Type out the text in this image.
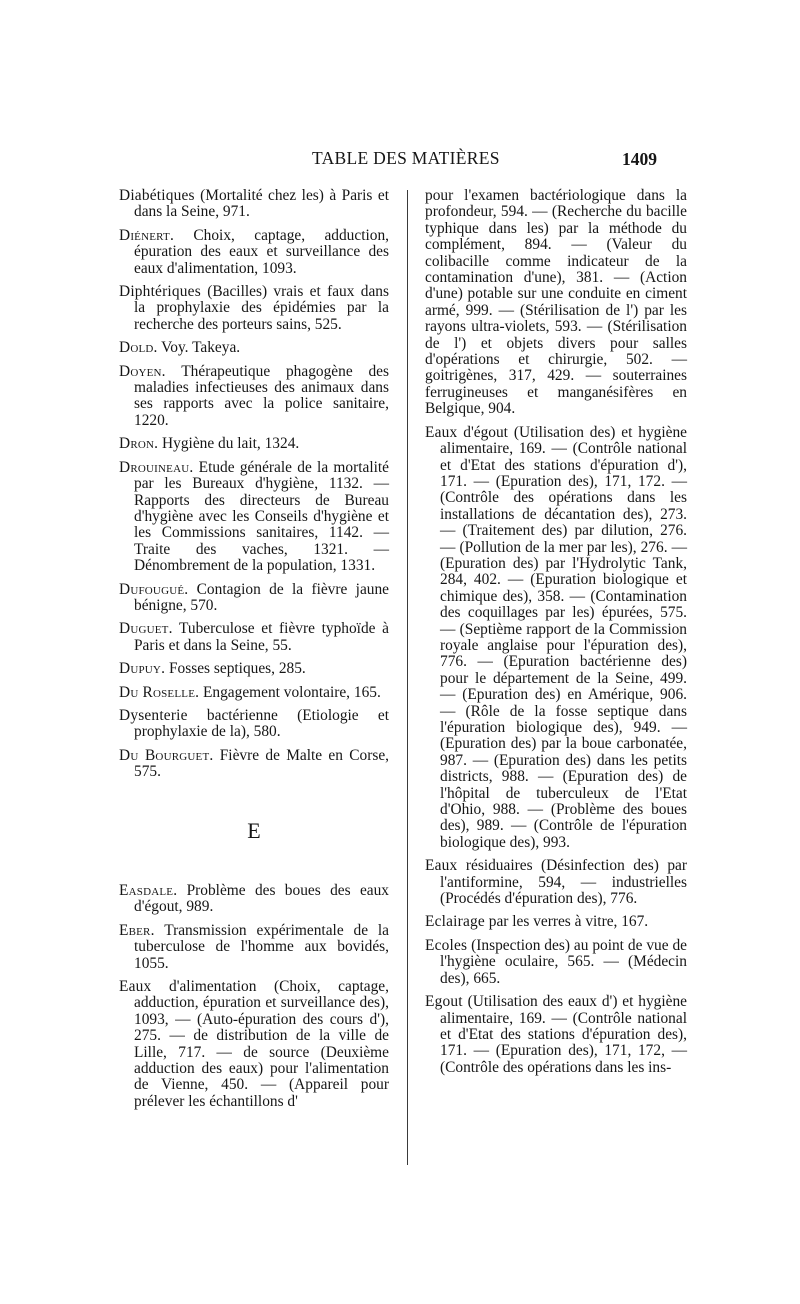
TABLE DES MATIÈRES	1409

Diabétiques (Mortalité chez les) à Paris et dans la Seine, 971.

Diénert. Choix, captage, adduction, épuration des eaux et surveillance des eaux d'alimentation, 1093.

Diphtériques (Bacilles) vrais et faux dans la prophylaxie des épidémies par la recherche des porteurs sains, 525.

Dold. Voy. Takeya.

Doyen. Thérapeutique phagogène des maladies infectieuses des animaux dans ses rapports avec la police sanitaire, 1220.

Dron. Hygiène du lait, 1324.

Drouineau. Etude générale de la mortalité par les Bureaux d'hygiène, 1132. — Rapports des directeurs de Bureau d'hygiène avec les Conseils d'hygiène et les Commissions sanitaires, 1142. — Traite des vaches, 1321. — Dénombrement de la population, 1331.

Dufougué. Contagion de la fièvre jaune bénigne, 570.

Duguet. Tuberculose et fièvre typhoïde à Paris et dans la Seine, 55.

Dupuy. Fosses septiques, 285.

Du Roselle. Engagement volontaire, 165.

Dysenterie bactérienne (Etiologie et prophylaxie de la), 580.

Du Bourguet. Fièvre de Malte en Corse, 575.

E

Easdale. Problème des boues des eaux d'égout, 989.

Eber. Transmission expérimentale de la tuberculose de l'homme aux bovidés, 1055.

Eaux d'alimentation (Choix, captage, adduction, épuration et surveillance des), 1093, — (Auto-épuration des cours d'), 275. — de distribution de la ville de Lille, 717. — de source (Deuxième adduction des eaux) pour l'alimentation de Vienne, 450. — (Appareil pour prélever les échantillons d'

pour l'examen bactériologique dans la profondeur, 594. — (Recherche du bacille typhique dans les) par la méthode du complément, 894. — (Valeur du colibacille comme indicateur de la contamination d'une), 381. — (Action d'une) potable sur une conduite en ciment armé, 999. — (Stérilisation de l') par les rayons ultra-violets, 593. — (Stérilisation de l') et objets divers pour salles d'opérations et chirurgie, 502. — goitrigènes, 317, 429. — souterraines ferrugineuses et manganésifères en Belgique, 904.

Eaux d'égout (Utilisation des) et hygiène alimentaire, 169. — (Contrôle national et d'Etat des stations d'épuration d'), 171. — (Epuration des), 171, 172. — (Contrôle des opérations dans les installations de décantation des), 273. — (Traitement des) par dilution, 276. — (Pollution de la mer par les), 276. — (Epuration des) par l'Hydrolytic Tank, 284, 402. — (Epuration biologique et chimique des), 358. — (Contamination des coquillages par les) épurées, 575. — (Septième rapport de la Commission royale anglaise pour l'épuration des), 776. — (Epuration bactérienne des) pour le département de la Seine, 499. — (Epuration des) en Amérique, 906. — (Rôle de la fosse septique dans l'épuration biologique des), 949. — (Epuration des) par la boue carbonatée, 987. — (Epuration des) dans les petits districts, 988. — (Epuration des) de l'hôpital de tuberculeux de l'Etat d'Ohio, 988. — (Problème des boues des), 989. — (Contrôle de l'épuration biologique des), 993.

Eaux résiduaires (Désinfection des) par l'antiformine, 594, — industrielles (Procédés d'épuration des), 776.

Eclairage par les verres à vitre, 167.

Ecoles (Inspection des) au point de vue de l'hygiène oculaire, 565. — (Médecin des), 665.

Egout (Utilisation des eaux d') et hygiène alimentaire, 169. — (Contrôle national et d'Etat des stations d'épuration des), 171. — (Epuration des), 171, 172, — (Contrôle des opérations dans les ins-
